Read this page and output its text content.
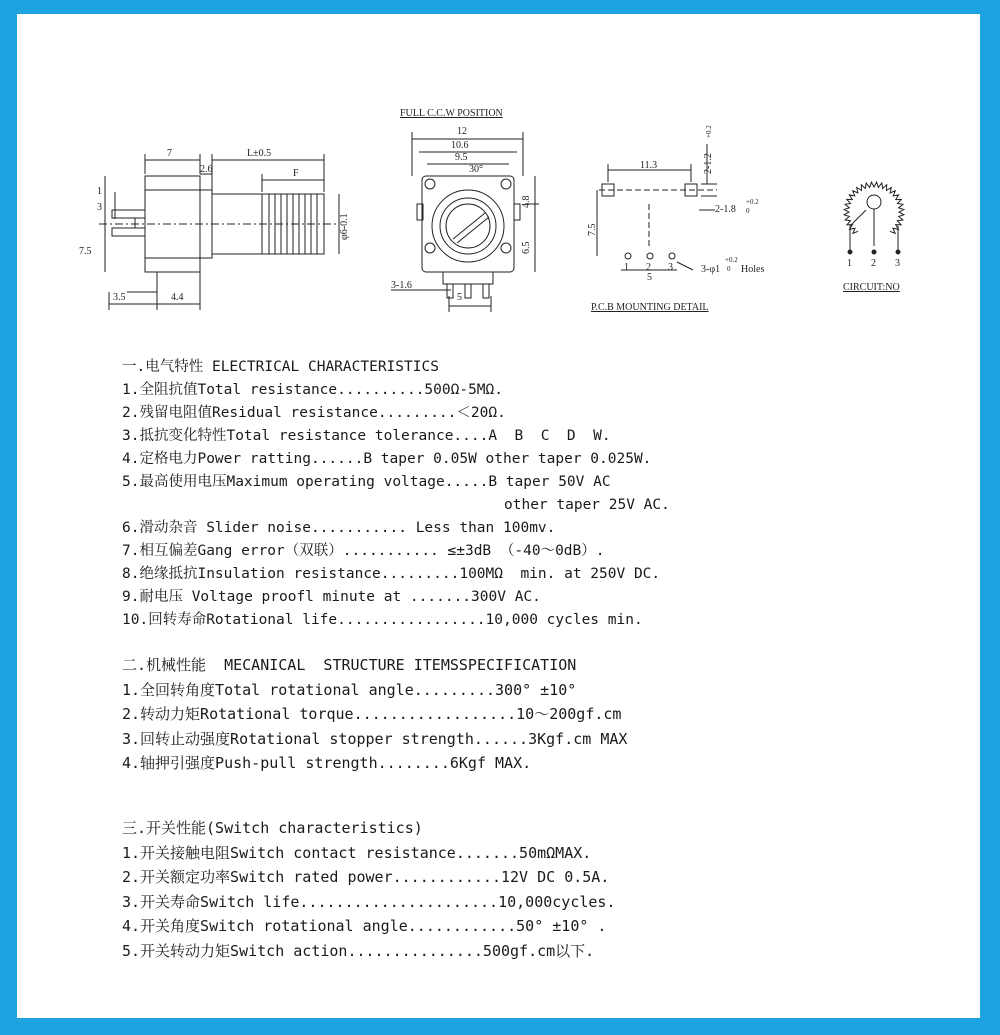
7
2.6
L±0.5
F
1
3
7.5
3.5	4.4
φ6-0.1
FULL C.C.W POSITION
12
10.6
9.5
30°
4.8
6.5
3-1.6
5
11.3	2-1.2
+0.2
2-1.8
+0.2
0
7.5
1 2 3
5
3-φ1
+0.2
0 Holes
P.C.B MOUNTING DETAIL
1 2 3
CIRCUIT:NO
一.电气特性 ELECTRICAL CHARACTERISTICS
1.全阻抗值Total resistance..........500Ω-5MΩ.
2.残留电阻值Residual resistance.........＜20Ω.
3.抵抗变化特性Total resistance tolerance....A  B  C  D  W.
4.定格电力Power ratting......B taper 0.05W other taper 0.025W.
5.最高使用电压Maximum operating voltage.....B taper 50V AC
other taper 25V AC.
6.滑动杂音 Slider noise........... Less than 100mv.
7.相互偏差Gang error（双联）........... ≤±3dB （-40～0dB）.
8.绝缘抵抗Insulation resistance.........100MΩ  min. at 250V DC.
9.耐电压 Voltage proofl minute at .......300V AC.
10.回转寿命Rotational life.................10,000 cycles min.
二.机械性能  MECANICAL  STRUCTURE ITEMSSPECIFICATION
1.全回转角度Total rotational angle.........300° ±10°
2.转动力矩Rotational torque..................10～200gf.cm
3.回转止动强度Rotational stopper strength......3Kgf.cm MAX
4.轴押引强度Push-pull strength........6Kgf MAX.
三.开关性能(Switch characteristics)
1.开关接触电阻Switch contact resistance.......50mΩMAX.
2.开关额定功率Switch rated power............12V DC 0.5A.
3.开关寿命Switch life......................10,000cycles.
4.开关角度Switch rotational angle............50° ±10° .
5.开关转动力矩Switch action...............500gf.cm以下.
